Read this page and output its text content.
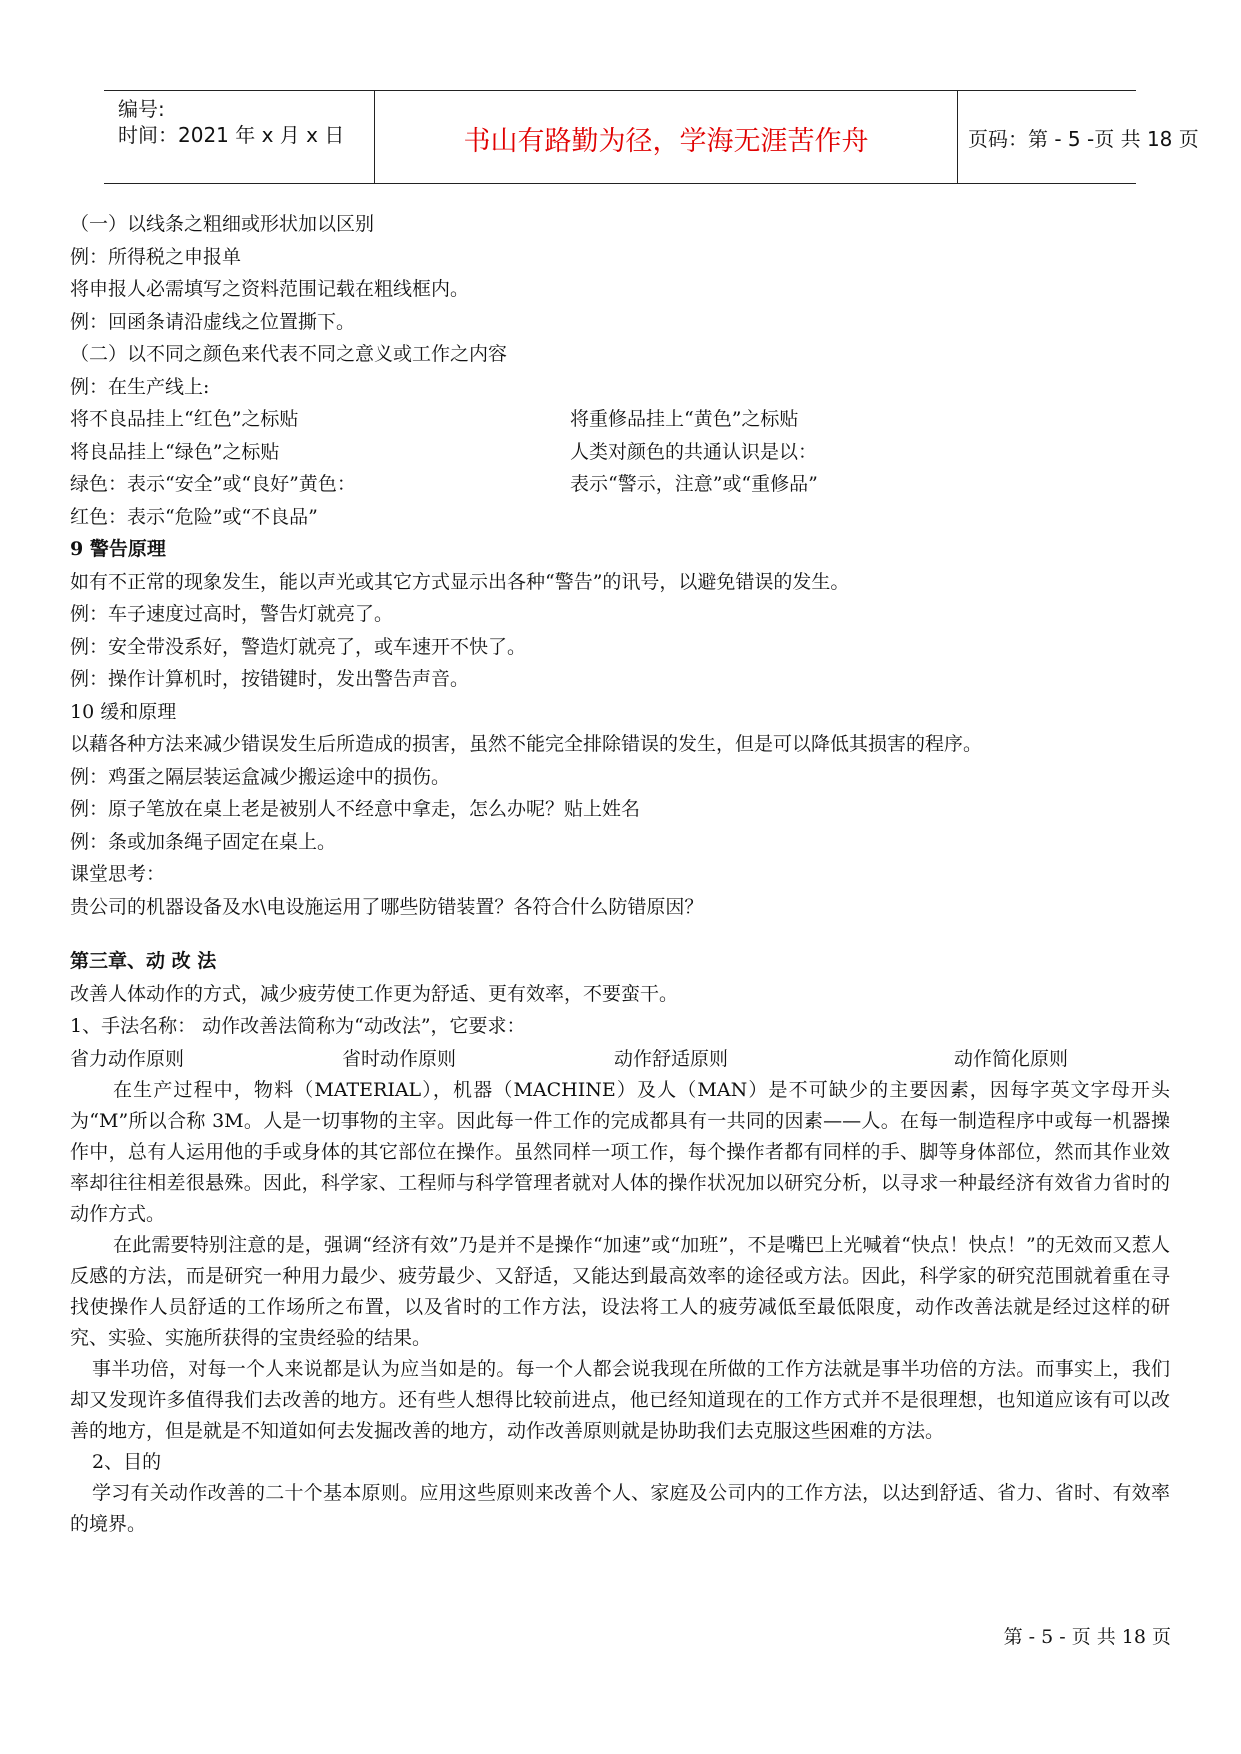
编号:
时间：2021 年 x 月 x 日	书山有路勤为径，学海无涯苦作舟	页码：第 - 5 -页 共 18 页
（一）以线条之粗细或形状加以区别
例：所得税之申报单
将申报人必需填写之资料范围记载在粗线框内。
例：回函条请沿虚线之位置撕下。
（二）以不同之颜色来代表不同之意义或工作之内容
例：在生产线上:
将不良品挂上“红色”之标贴	将重修品挂上“黄色”之标贴
将良品挂上“绿色”之标贴	人类对颜色的共通认识是以：
绿色：表示“安全”或“良好”黄色：	表示“警示，注意”或“重修品”
红色：表示“危险”或“不良品”
9 警告原理
如有不正常的现象发生，能以声光或其它方式显示出各种“警告”的讯号，以避免错误的发生。
例：车子速度过高时，警告灯就亮了。
例：安全带没系好，警造灯就亮了，或车速开不快了。
例：操作计算机时，按错键时，发出警告声音。
10 缓和原理
以藉各种方法来减少错误发生后所造成的损害，虽然不能完全排除错误的发生，但是可以降低其损害的程序。
例：鸡蛋之隔层装运盒减少搬运途中的损伤。
例：原子笔放在桌上老是被别人不经意中拿走，怎么办呢？贴上姓名
例：条或加条绳子固定在桌上。
课堂思考：
贵公司的机器设备及水\电设施运用了哪些防错装置？各符合什么防错原因？
第三章、动 改 法
改善人体动作的方式，减少疲劳使工作更为舒适、更有效率，不要蛮干。
1、手法名称： 动作改善法简称为“动改法”，它要求：
省力动作原则	省时动作原则	动作舒适原则	动作简化原则
在生产过程中，物料（MATERIAL），机器（MACHINE）及人（MAN）是不可缺少的主要因素，因每字英文字母开头为“M”所以合称 3M。人是一切事物的主宰。因此每一件工作的完成都具有一共同的因素——人。在每一制造程序中或每一机器操作中，总有人运用他的手或身体的其它部位在操作。虽然同样一项工作，每个操作者都有同样的手、脚等身体部位，然而其作业效率却往往相差很悬殊。因此，科学家、工程师与科学管理者就对人体的操作状况加以研究分析，以寻求一种最经济有效省力省时的动作方式。
在此需要特别注意的是，强调“经济有效”乃是并不是操作“加速”或“加班”，不是嘴巴上光喊着“快点！快点！”的无效而又惹人反感的方法，而是研究一种用力最少、疲劳最少、又舒适，又能达到最高效率的途径或方法。因此，科学家的研究范围就着重在寻找使操作人员舒适的工作场所之布置，以及省时的工作方法，设法将工人的疲劳减低至最低限度，动作改善法就是经过这样的研究、实验、实施所获得的宝贵经验的结果。
事半功倍，对每一个人来说都是认为应当如是的。每一个人都会说我现在所做的工作方法就是事半功倍的方法。而事实上，我们却又发现许多值得我们去改善的地方。还有些人想得比较前进点，他已经知道现在的工作方式并不是很理想，也知道应该有可以改善的地方，但是就是不知道如何去发掘改善的地方，动作改善原则就是协助我们去克服这些困难的方法。
2、目的
学习有关动作改善的二十个基本原则。应用这些原则来改善个人、家庭及公司内的工作方法，以达到舒适、省力、省时、有效率的境界。
第 - 5 - 页 共 18 页
